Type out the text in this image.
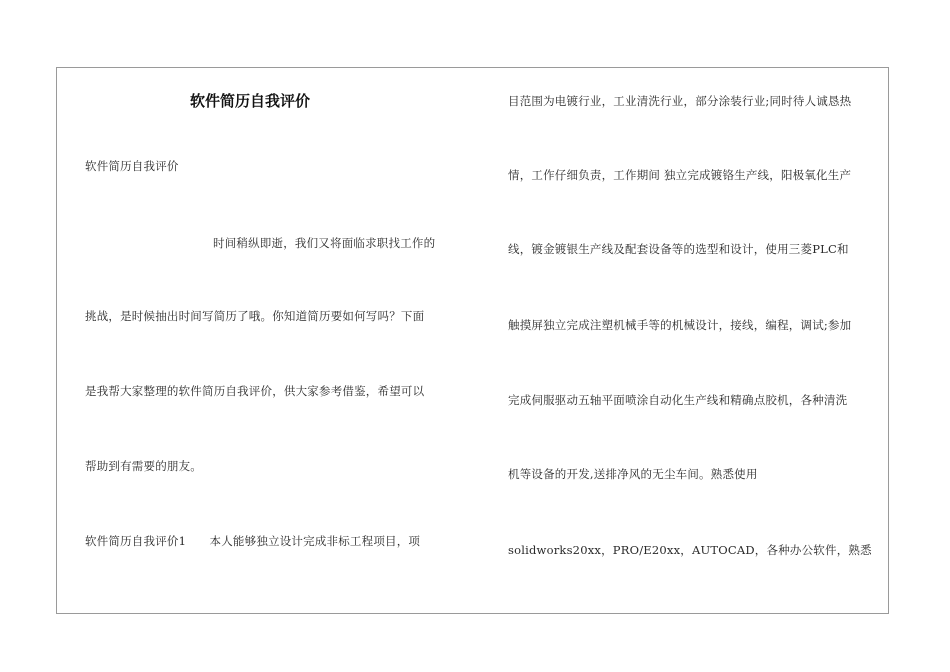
软件简历自我评价
软件简历自我评价
时间稍纵即逝，我们又将面临求职找工作的
挑战，是时候抽出时间写简历了哦。你知道简历要如何写吗？下面
是我帮大家整理的软件简历自我评价，供大家参考借鉴，希望可以
帮助到有需要的朋友。
软件简历自我评价1　　本人能够独立设计完成非标工程项目，项
目范围为电镀行业，工业清洗行业，部分涂装行业;同时待人诚恳热
情，工作仔细负责，工作期间 独立完成镀铬生产线，阳极氧化生产
线，镀金镀银生产线及配套设备等的选型和设计，使用三菱PLC和
触摸屏独立完成注塑机械手等的机械设计，接线，编程，调试;参加
完成伺服驱动五轴平面喷涂自动化生产线和精确点胶机，各种清洗
机等设备的开发,送排净风的无尘车间。熟悉使用
solidworks20xx，PRO/E20xx，AUTOCAD，各种办公软件，熟悉
